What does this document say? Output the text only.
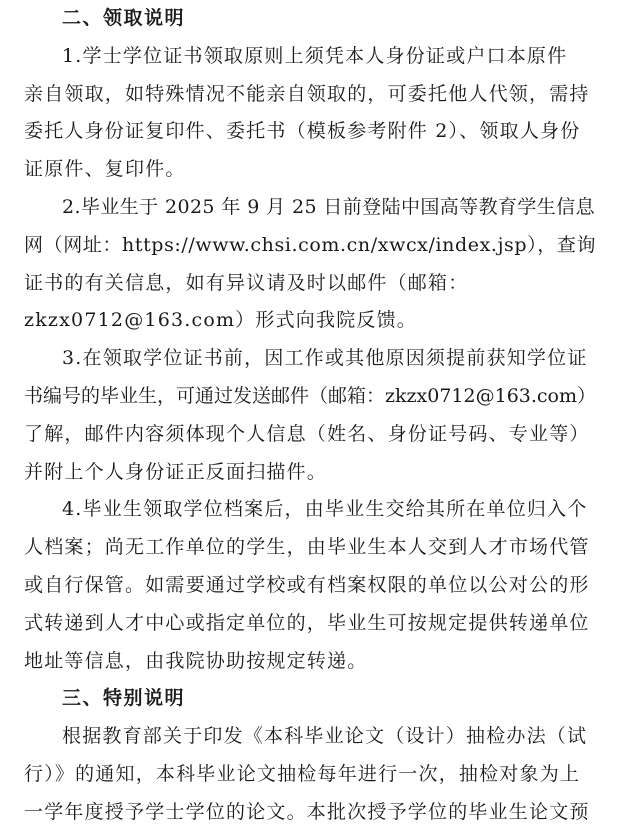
二、领取说明
1.学士学位证书领取原则上须凭本人身份证或户口本原件
亲自领取，如特殊情况不能亲自领取的，可委托他人代领，需持
委托人身份证复印件、委托书（模板参考附件 2）、领取人身份
证原件、复印件。
2.毕业生于 2025 年 9 月 25 日前登陆中国高等教育学生信息
网（网址：https://www.chsi.com.cn/xwcx/index.jsp），查询
证书的有关信息，如有异议请及时以邮件（邮箱：
zkzx0712@163.com）形式向我院反馈。
3.在领取学位证书前，因工作或其他原因须提前获知学位证
书编号的毕业生，可通过发送邮件（邮箱：zkzx0712@163.com）
了解，邮件内容须体现个人信息（姓名、身份证号码、专业等）
并附上个人身份证正反面扫描件。
4.毕业生领取学位档案后，由毕业生交给其所在单位归入个
人档案；尚无工作单位的学生，由毕业生本人交到人才市场代管
或自行保管。如需要通过学校或有档案权限的单位以公对公的形
式转递到人才中心或指定单位的，毕业生可按规定提供转递单位
地址等信息，由我院协助按规定转递。
三、特别说明
根据教育部关于印发《本科毕业论文（设计）抽检办法（试
行）》的通知，本科毕业论文抽检每年进行一次，抽检对象为上
一学年度授予学士学位的论文。本批次授予学位的毕业生论文预
